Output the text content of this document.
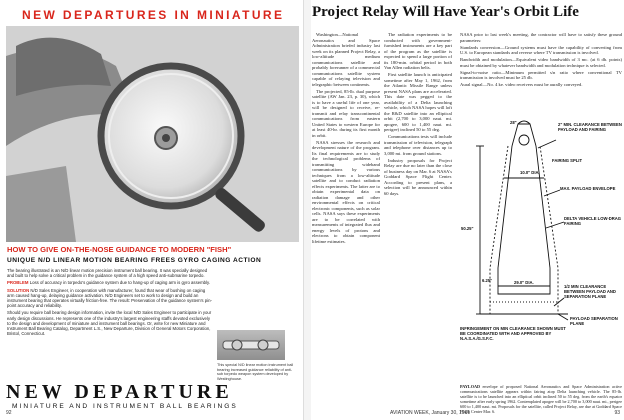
NEW DEPARTURES IN MINIATURE
HOW TO GIVE ON-THE-NOSE GUIDANCE TO MODERN "FISH"
UNIQUE N/D LINEAR MOTION BEARING FREES GYRO CAGING ACTION

The bearing illustrated is an N/D linear motion precision instrument ball bearing. It was specially designed and built to help solve a critical problem in the guidance system of a high speed anti-submarine torpedo.

PROBLEM Loss of accuracy in torpedo's guidance system due to hang-up of caging arm is gyro assembly.

SOLUTION N/D Sales Engineer, in cooperation with manufacturer, found that wear of bushing on caging arm caused hang-up, delaying guidance activation. N/D Engineers set to work to design and build an instrument bearing that operates virtually friction-free. The result: Preservation of the guidance system's pin-point accuracy and reliability.

Should you require ball bearing design information, invite the local N/D Sales Engineer to participate in your early design discussions. He represents one of the industry's largest engineering staffs devoted exclusively to the design and development of miniature and instrument ball bearings. Or, write for new Miniature and Instrument Ball Bearing Catalog, Department L.S., New Departure, Division of General Motors Corporation, Bristol, Connecticut.

This special N/D linear motion instrument ball bearing increased guidance reliability of anti-sub torpedo weapon system developed by Westinghouse.
NEW DEPARTURE
MINIATURE AND INSTRUMENT BALL BEARINGS
92
Project Relay Will Have Year's Orbit Life

Washington—National Aeronautics and Space Administration briefed industry last week on its planned Project Relay, a low-altitude medium communications satellite and probably forerunner of a commercial communications satellite system capable of relaying television and telegraphic between continents.

The projected, 85-lb. dual purpose satellite (AW Jan. 23, p. 30), which is to have a useful life of one year, will be designed to receive, re-transmit and relay transcontinental communications from eastern United States to western Europe for at least 40-hr. during its first month in orbit.

NASA stresses the research and development nature of the program. Its final requirements are to study the technological problems of transmitting wideband communications by various techniques from a low-altitude satellite and to conduct radiation effects experiments. The latter are to obtain experimental data on radiation damage and other environmental effects on critical electronic components, such as solar cells. NASA says these experiments are to be correlated with measurements of integrated flux and energy levels of protons and electrons to obtain component lifetime estimates.

The radiation experiments to be conducted with government-furnished instruments are a key part of the program as the satellite is expected to spend a large portion of its 180-min. orbital period in both Van Allen radiation belts.

First satellite launch is anticipated sometime after May 1, 1962, from the Atlantic Missile Range unless present NASA plans are accelerated. This date was pegged to the availability of a Delta launching vehicle, which NASA hopes will loft the R&D satellite into an elliptical orbit (2,700 to 3,000 naut. mi. apogee, 600 to 1,400 naut. mi. perigee) inclined 50 to 55 deg.

Communications tests will include transmission of television, telegraph and telephone over distances up to 3,000 mi. from ground stations.

Industry proposals for Project Relay are due no later than the close of business day on Mar. 6 at NASA's Goddard Space Flight Center. According to present plans, a selection will be announced within 60 days.

NASA prior to last week's meeting, the contractor will have to satisfy these ground parameters:

Standards conversion—Ground systems must have the capability of converting from U.S. to European standards and reverse where TV transmission is involved.

Bandwidth and modulation—Equivalent video bandwidth of 3 mc. (at 6 db. points) must be obtained by whatever bandwidth and modulation technique is selected.

Signal-to-noise ratio—Minimum permitted s/n ratio where conventional TV transmission is involved must be 25 db.

Aural signal—No. 4 ke. video receivers must be aurally conveyed.

28"	2" MIN. CLEARANCE BETWEEN PAYLOAD AND FAIRING
FAIRING SPLIT
10.0" DIA.
MAX. PAYLOAD ENVELOPE
DELTA VEHICLE LOW-DRAG FAIRING
50.25"
29.0" DIA.
6.25"
1/2 MIN CLEARANCE BETWEEN PAYLOAD AND SEPARATION PLANE
PAYLOAD SEPARATION PLANE
INFRINGEMENT ON MIN CLEARANCE SHOWN MUST BE COORDINATED WITH AND APPROVED BY N.A.S.A./G.S.F.C.
PAYLOAD envelope of proposed National Aeronautics and Space Administration active communications satellite appears within fairing atop Delta launching vehicle. The 85-lb. satellite is to be launched into an elliptical orbit inclined 50 to 55 deg. from the earth's equator sometime after early spring 1962. Contemplated apogee will be 2,700 to 3,000 naut. mi., perigee 600 to 1,400 naut. mi. Proposals for the satellite, called Project Relay, are due at Goddard Space Flight Center Mar. 6.
AVIATION WEEK, January 30, 1961	93
